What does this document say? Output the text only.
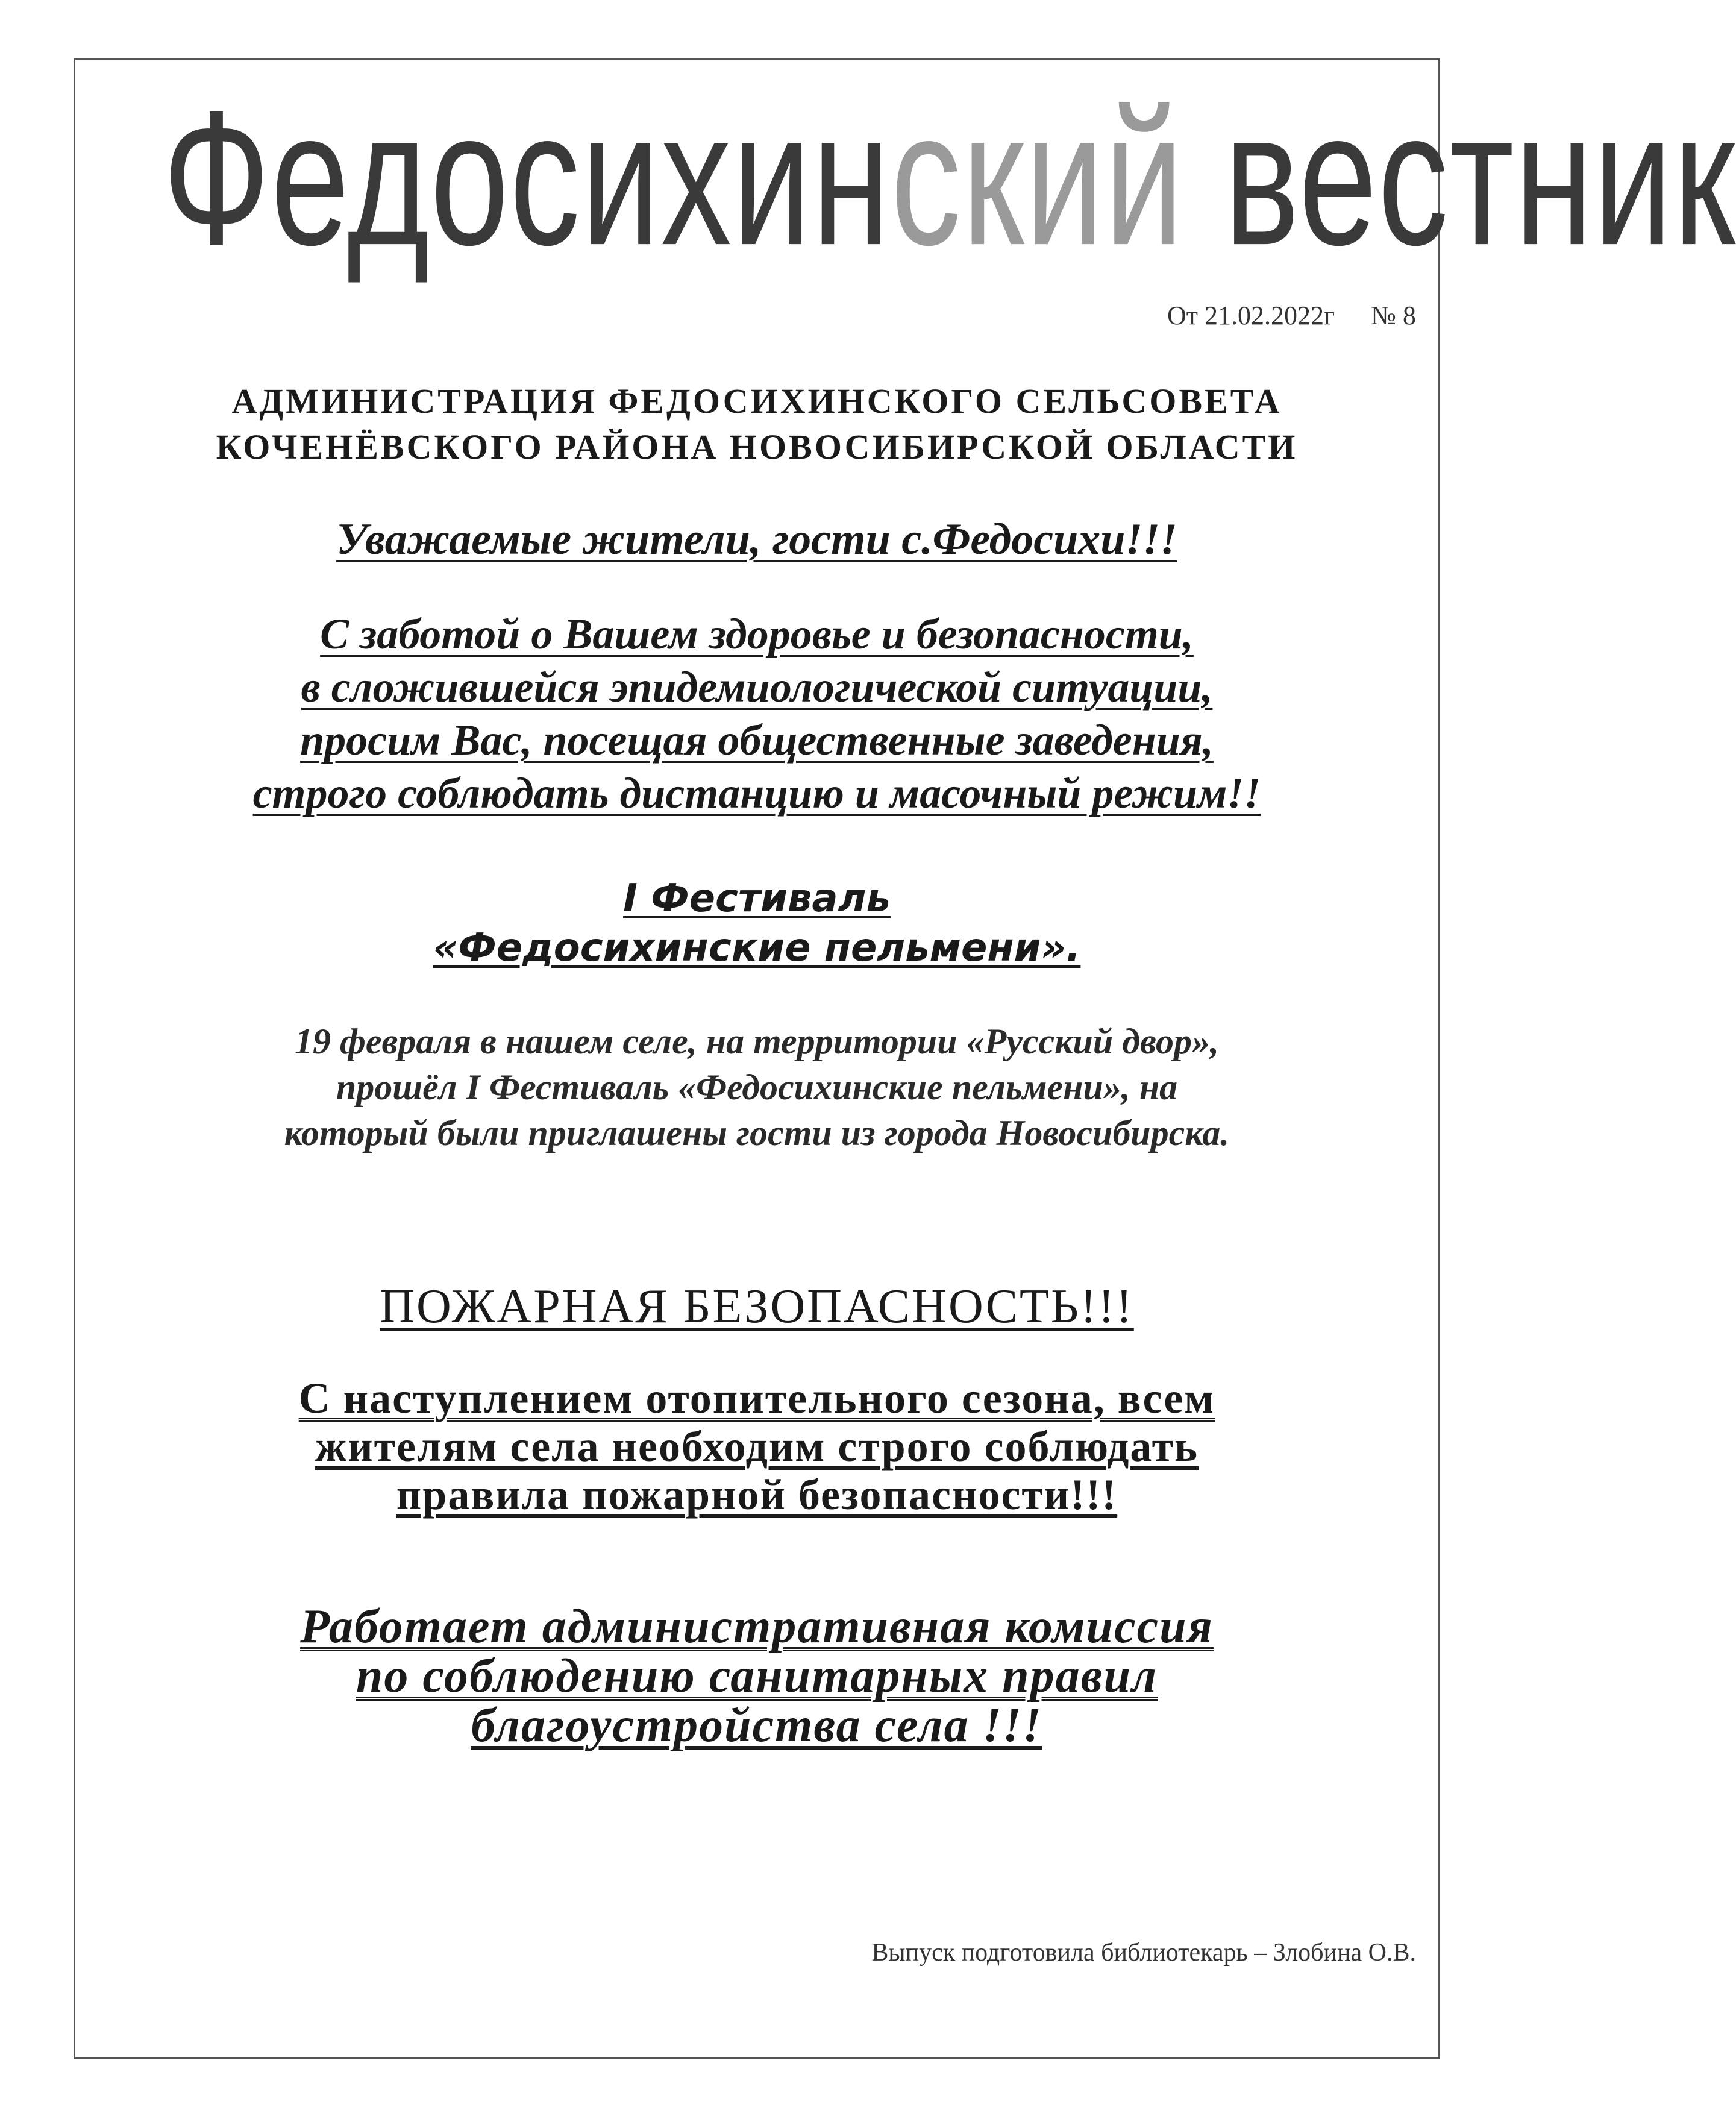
Федосихинский вестник
От 21.02.2022г № 8
АДМИНИСТРАЦИЯ ФЕДОСИХИНСКОГО СЕЛЬСОВЕТА
КОЧЕНЁВСКОГО РАЙОНА НОВОСИБИРСКОЙ ОБЛАСТИ
Уважаемые жители, гости с.Федосихи!!!
С заботой о Вашем здоровье и безопасности,
в сложившейся эпидемиологической ситуации,
просим Вас, посещая общественные заведения,
строго соблюдать дистанцию и масочный режим!!
I Фестиваль
«Федосихинские пельмени».
19 февраля в нашем селе, на территории «Русский двор»,
прошёл I Фестиваль «Федосихинские пельмени», на
который были приглашены гости из города Новосибирска.
ПОЖАРНАЯ БЕЗОПАСНОСТЬ!!!
С наступлением отопительного сезона, всем
жителям села необходим строго соблюдать
правила пожарной безопасности!!!
Работает административная комиссия
по соблюдению санитарных правил
благоустройства села !!!
Выпуск подготовила библиотекарь – Злобина О.В.
